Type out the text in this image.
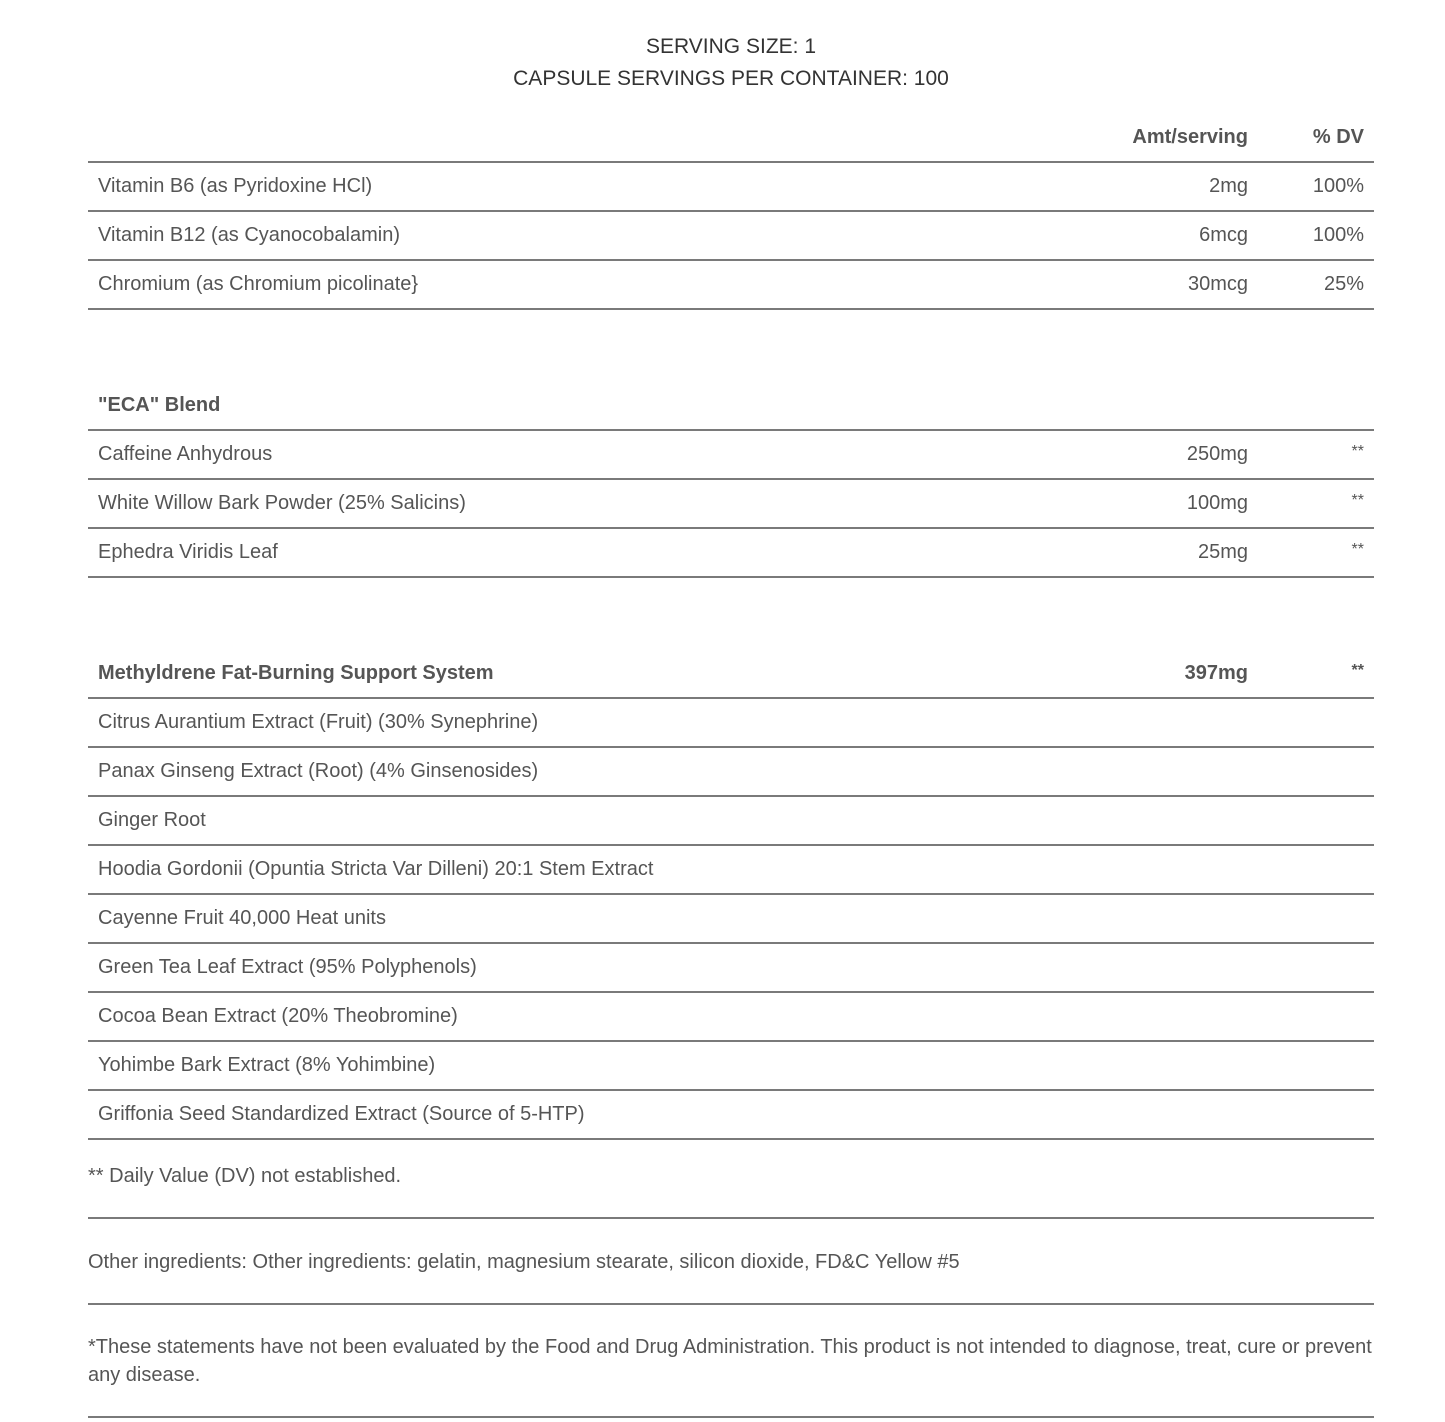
SERVING SIZE: 1
CAPSULE SERVINGS PER CONTAINER: 100
Amt/serving	% DV
Vitamin B6 (as Pyridoxine HCl)	2mg	100%
Vitamin B12 (as Cyanocobalamin)	6mcg	100%
Chromium (as Chromium picolinate}	30mcg	25%
"ECA" Blend
Caffeine Anhydrous	250mg	**
White Willow Bark Powder (25% Salicins)	100mg	**
Ephedra Viridis Leaf	25mg	**
Methyldrene Fat-Burning Support System	397mg	**
Citrus Aurantium Extract (Fruit) (30% Synephrine)
Panax Ginseng Extract (Root) (4% Ginsenosides)
Ginger Root
Hoodia Gordonii (Opuntia Stricta Var Dilleni) 20:1 Stem Extract
Cayenne Fruit 40,000 Heat units
Green Tea Leaf Extract (95% Polyphenols)
Cocoa Bean Extract (20% Theobromine)
Yohimbe Bark Extract (8% Yohimbine)
Griffonia Seed Standardized Extract (Source of 5-HTP)
** Daily Value (DV) not established.
Other ingredients: Other ingredients: gelatin, magnesium stearate, silicon dioxide, FD&C Yellow #5
*These statements have not been evaluated by the Food and Drug Administration. This product is not intended to diagnose, treat, cure or prevent any disease.
